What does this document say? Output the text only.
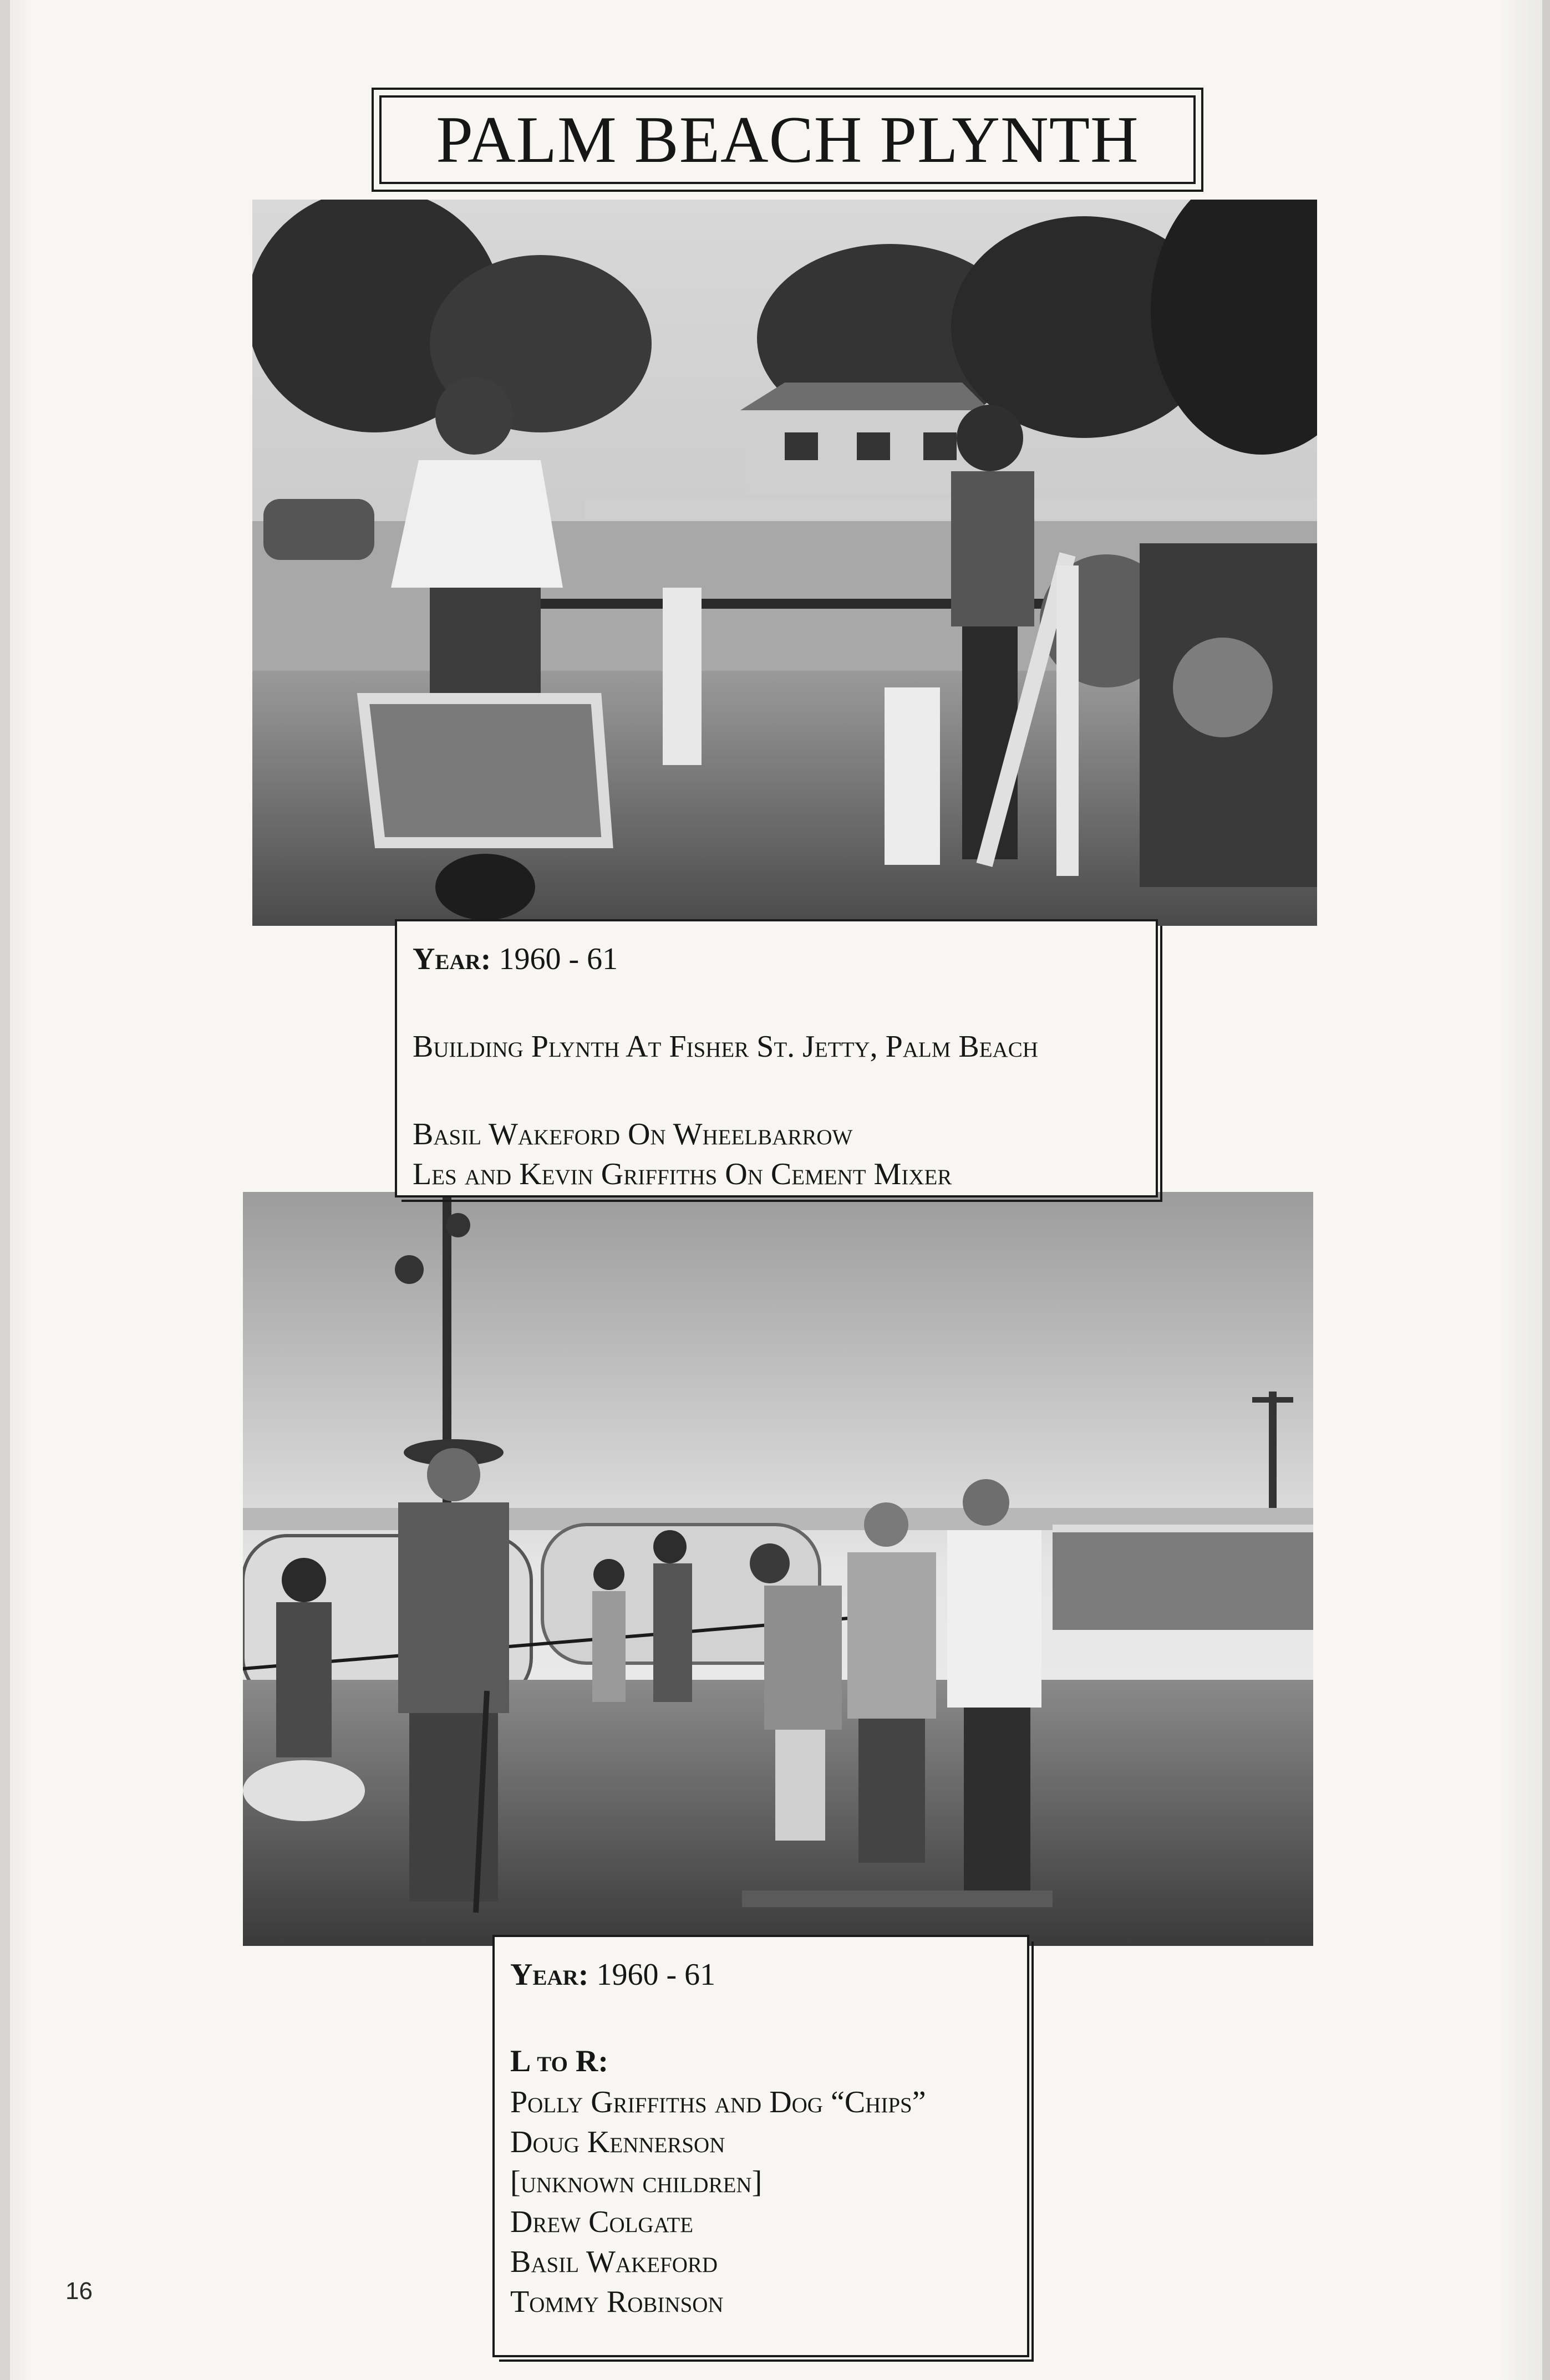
PALM BEACH PLYNTH
Year: 1960 - 61
Building Plynth At Fisher St. Jetty, Palm Beach
Basil Wakeford On Wheelbarrow
Les and Kevin Griffiths On Cement Mixer
Year: 1960 - 61
L to R:
Polly Griffiths and Dog “Chips”
Doug Kennerson
[unknown children]
Drew Colgate
Basil Wakeford
Tommy Robinson
16
